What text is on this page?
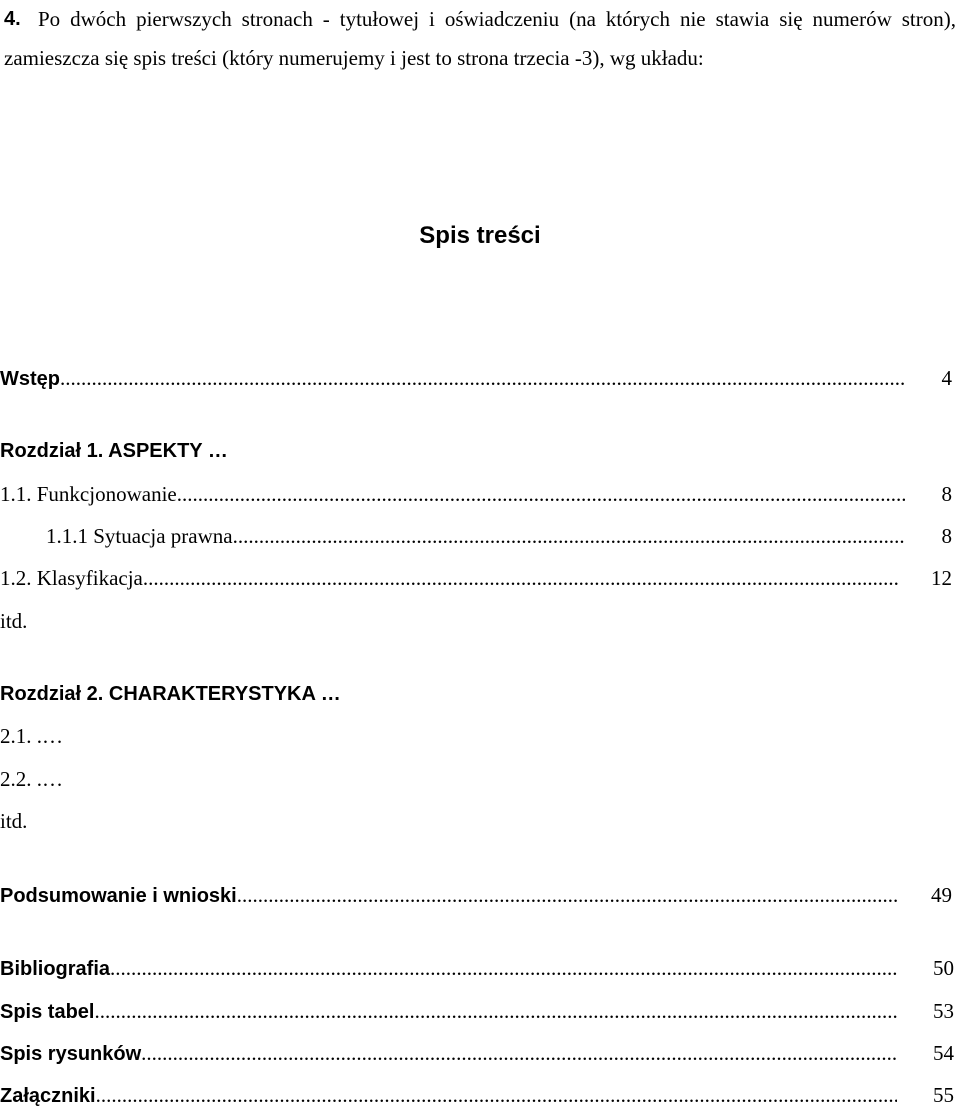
4. Po dwóch pierwszych stronach - tytułowej i oświadczeniu (na których nie stawia się numerów stron), zamieszcza się spis treści (który numerujemy i jest to strona trzecia -3), wg układu:

Spis treści
Wstęp .....	4
Rozdział 1. ASPEKTY …
1.1. Funkcjonowanie .....	8
1.1.1 Sytuacja prawna .....	8
1.2. Klasyfikacja .....	12
itd.
Rozdział 2. CHARAKTERYSTYKA …
2.1. .…
2.2. .…
itd.
Podsumowanie i wnioski .....	49
Bibliografia .....	50
Spis tabel .....	53
Spis rysunków .....	54
Załączniki .....	55
